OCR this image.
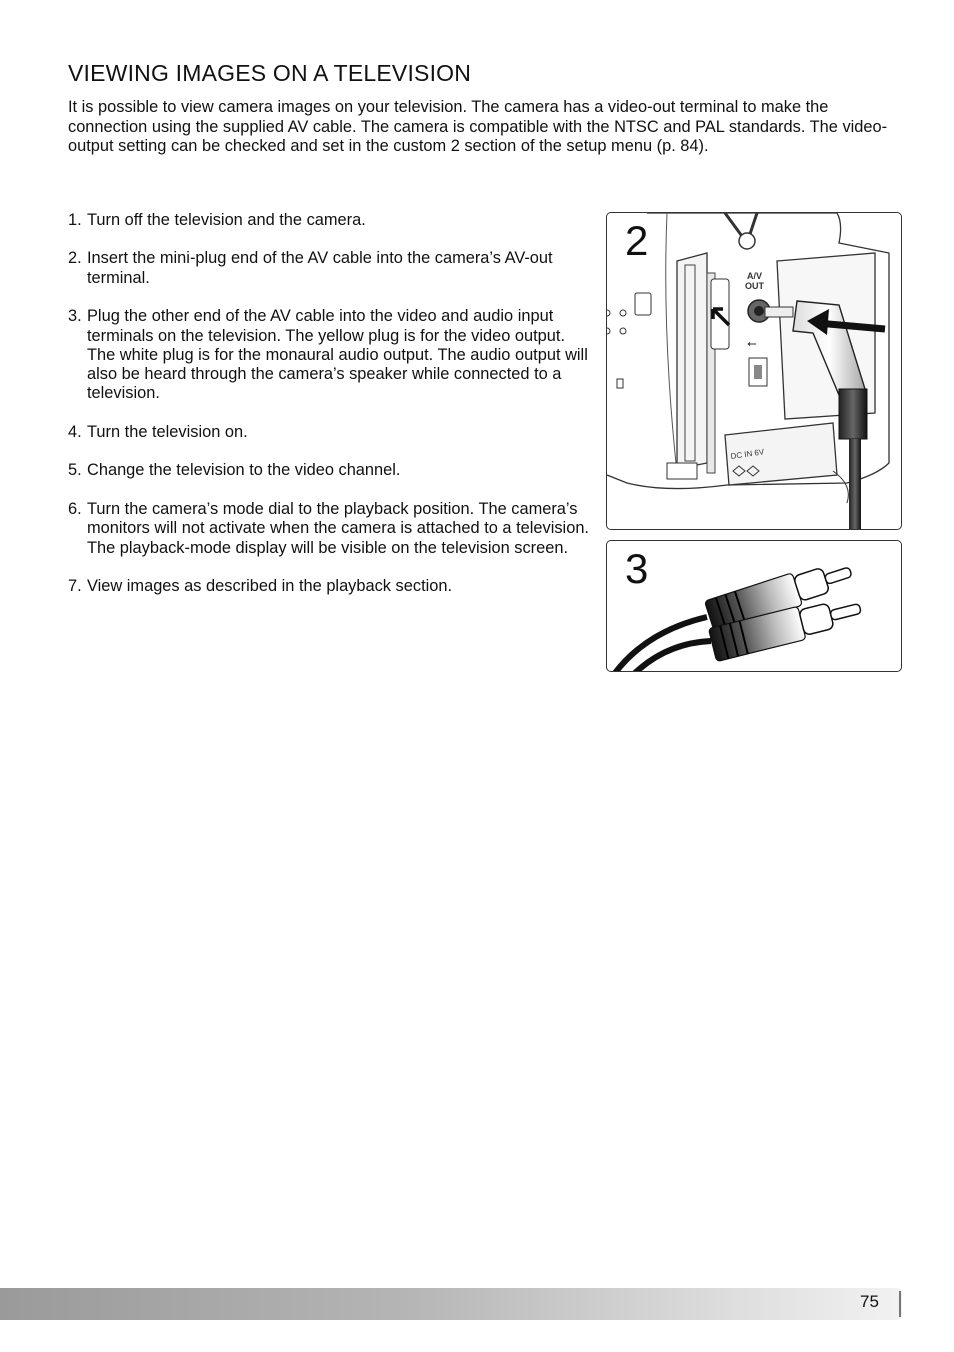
VIEWING IMAGES ON A TELEVISION

It is possible to view camera images on your television. The camera has a video-out terminal to make the connection using the supplied AV cable. The camera is compatible with the NTSC and PAL standards. The video-output setting can be checked and set in the custom 2 section of the setup menu (p. 84).

1. Turn off the television and the camera.
2. Insert the mini-plug end of the AV cable into the camera’s AV-out terminal.
3. Plug the other end of the AV cable into the video and audio input terminals on the television. The yellow plug is for the video output. The white plug is for the monaural audio output. The audio output will also be heard through the camera’s speaker while connected to a television.
4. Turn the television on.
5. Change the television to the video channel.
6. Turn the camera’s mode dial to the playback position. The camera’s monitors will not activate when the camera is attached to a television. The playback-mode display will be visible on the television screen.
7. View images as described in the playback section.
A/V
OUT
⭠
DC IN 6V
2
3
75
